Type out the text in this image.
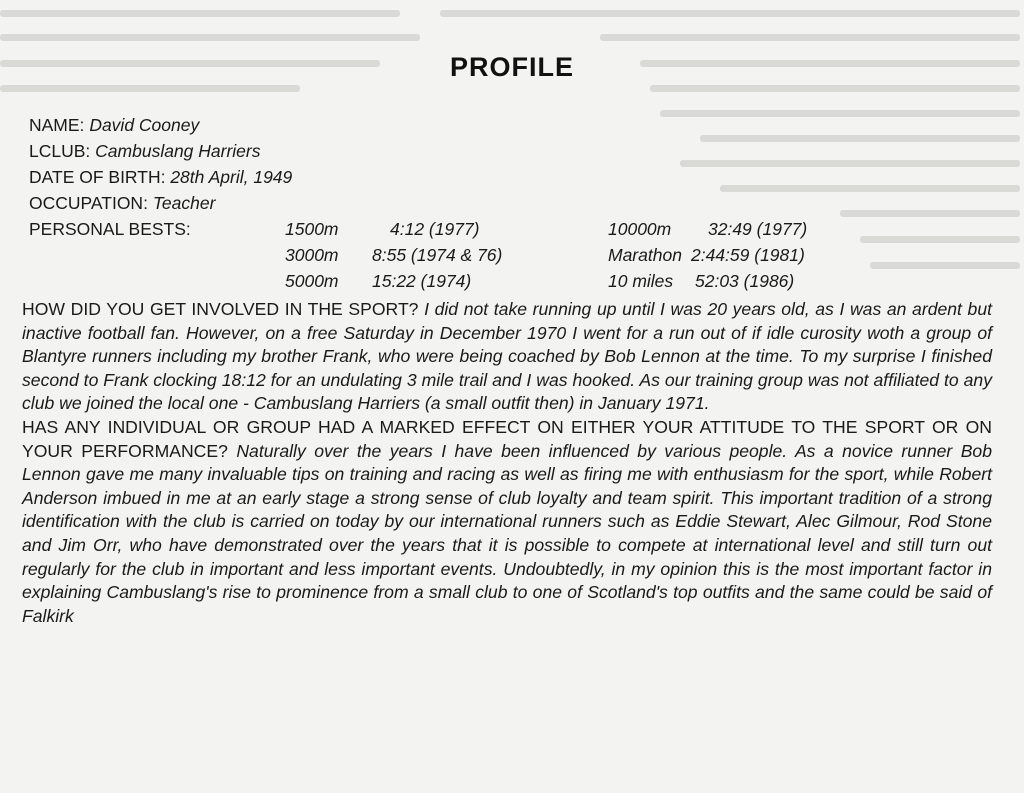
PROFILE
NAME: David Cooney
LCLUB: Cambuslang Harriers
DATE OF BIRTH: 28th April, 1949
OCCUPATION: Teacher
PERSONAL BESTS:	1500m	4:12 (1977)
3000m 8:55 (1974 & 76)
5000m 15:22 (1974)
10000m 32:49 (1977)
Marathon 2:44:59 (1981)
10 miles 52:03 (1986)

HOW DID YOU GET INVOLVED IN THE SPORT? I did not take running up until I was 20 years old, as I was an ardent but inactive football fan. However, on a free Saturday in December 1970 I went for a run out of if idle curosity woth a group of Blantyre runners including my brother Frank, who were being coached by Bob Lennon at the time. To my surprise I finished second to Frank clocking 18:12 for an undulating 3 mile trail and I was hooked. As our training group was not affiliated to any club we joined the local one - Cambuslang Harriers (a small outfit then) in January 1971.

HAS ANY INDIVIDUAL OR GROUP HAD A MARKED EFFECT ON EITHER YOUR ATTITUDE TO THE SPORT OR ON YOUR PERFORMANCE? Naturally over the years I have been influenced by various people. As a novice runner Bob Lennon gave me many invaluable tips on training and racing as well as firing me with enthusiasm for the sport, while Robert Anderson imbued in me at an early stage a strong sense of club loyalty and team spirit. This important tradition of a strong identification with the club is carried on today by our international runners such as Eddie Stewart, Alec Gilmour, Rod Stone and Jim Orr, who have demonstrated over the years that it is possible to compete at international level and still turn out regularly for the club in important and less important events. Undoubtedly, in my opinion this is the most important factor in explaining Cambuslang's rise to prominence from a small club to one of Scotland's top outfits and the same could be said of Falkirk
